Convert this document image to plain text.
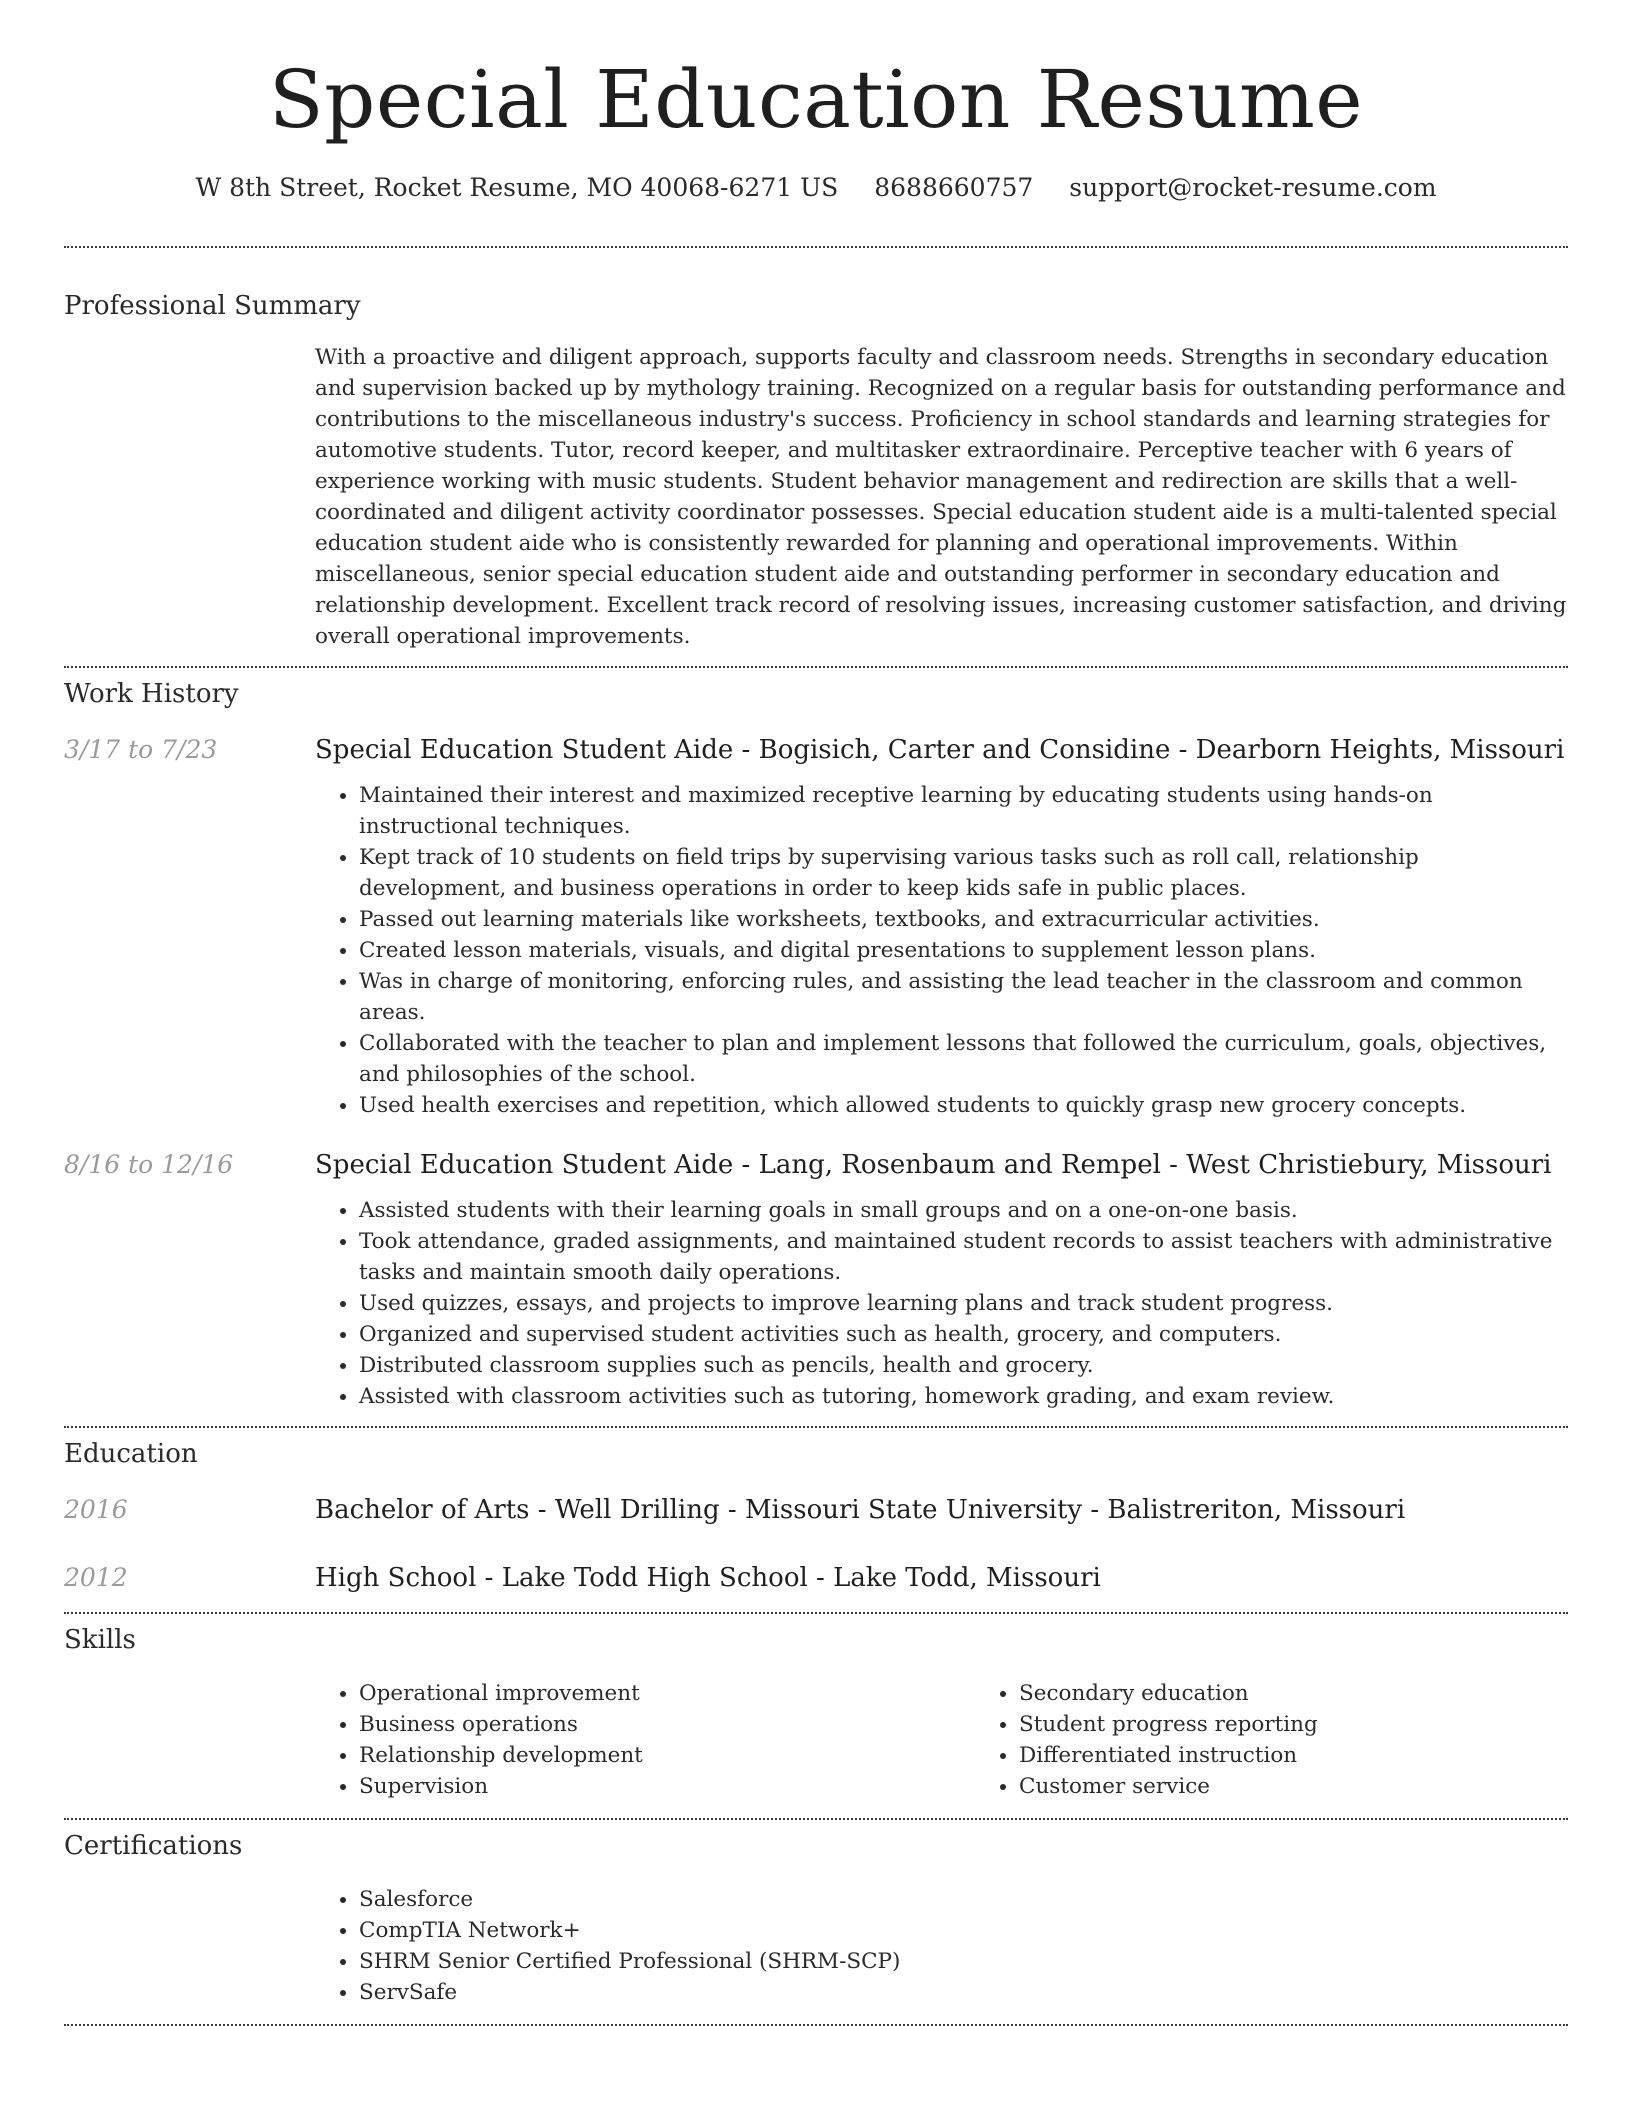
Special Education Resume
W 8th Street, Rocket Resume, MO 40068-6271 US 8688660757 support@rocket-resume.com
Professional Summary

With a proactive and diligent approach, supports faculty and classroom needs. Strengths in secondary education and supervision backed up by mythology training. Recognized on a regular basis for outstanding performance and contributions to the miscellaneous industry's success. Proficiency in school standards and learning strategies for automotive students. Tutor, record keeper, and multitasker extraordinaire. Perceptive teacher with 6 years of experience working with music students. Student behavior management and redirection are skills that a well-coordinated and diligent activity coordinator possesses. Special education student aide is a multi-talented special education student aide who is consistently rewarded for planning and operational improvements. Within miscellaneous, senior special education student aide and outstanding performer in secondary education and relationship development. Excellent track record of resolving issues, increasing customer satisfaction, and driving overall operational improvements.

Work History
3/17 to 7/23	Special Education Student Aide - Bogisich, Carter and Considine - Dearborn Heights, Missouri
• Maintained their interest and maximized receptive learning by educating students using hands-on instructional techniques.
• Kept track of 10 students on field trips by supervising various tasks such as roll call, relationship development, and business operations in order to keep kids safe in public places.
• Passed out learning materials like worksheets, textbooks, and extracurricular activities.
• Created lesson materials, visuals, and digital presentations to supplement lesson plans.
• Was in charge of monitoring, enforcing rules, and assisting the lead teacher in the classroom and common areas.
• Collaborated with the teacher to plan and implement lessons that followed the curriculum, goals, objectives, and philosophies of the school.
• Used health exercises and repetition, which allowed students to quickly grasp new grocery concepts.
8/16 to 12/16	Special Education Student Aide - Lang, Rosenbaum and Rempel - West Christiebury, Missouri
• Assisted students with their learning goals in small groups and on a one-on-one basis.
• Took attendance, graded assignments, and maintained student records to assist teachers with administrative tasks and maintain smooth daily operations.
• Used quizzes, essays, and projects to improve learning plans and track student progress.
• Organized and supervised student activities such as health, grocery, and computers.
• Distributed classroom supplies such as pencils, health and grocery.
• Assisted with classroom activities such as tutoring, homework grading, and exam review.
Education
2016	Bachelor of Arts - Well Drilling - Missouri State University - Balistreriton, Missouri
2012	High School - Lake Todd High School - Lake Todd, Missouri
Skills
• Operational improvement
• Business operations
• Relationship development
• Supervision
• Secondary education
• Student progress reporting
• Differentiated instruction
• Customer service
Certifications
• Salesforce
• CompTIA Network+
• SHRM Senior Certified Professional (SHRM-SCP)
• ServSafe
